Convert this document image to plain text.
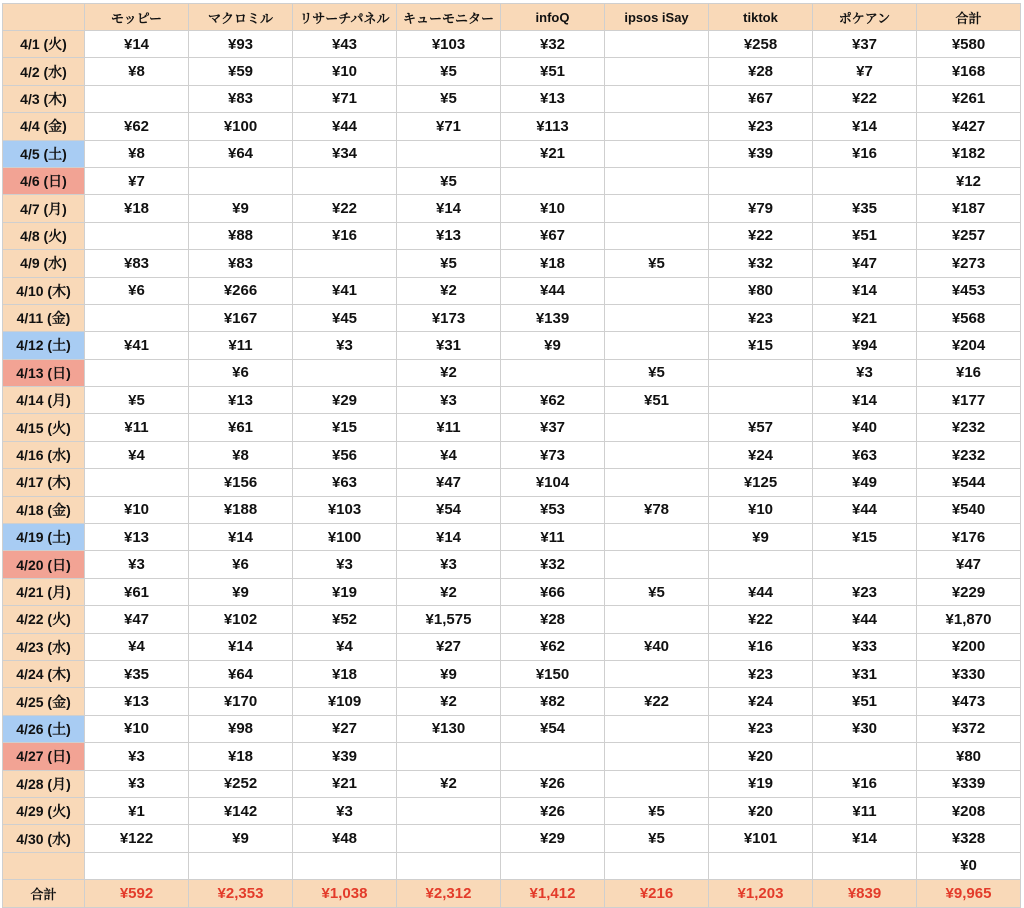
	モッピー	マクロミル	リサーチパネル	キューモニター	infoQ	ipsos iSay	tiktok	ポケアン	合計
4/1 (火)	¥14	¥93	¥43	¥103	¥32		¥258	¥37	¥580
4/2 (水)	¥8	¥59	¥10	¥5	¥51		¥28	¥7	¥168
4/3 (木)		¥83	¥71	¥5	¥13		¥67	¥22	¥261
4/4 (金)	¥62	¥100	¥44	¥71	¥113		¥23	¥14	¥427
4/5 (土)	¥8	¥64	¥34		¥21		¥39	¥16	¥182
4/6 (日)	¥7			¥5					¥12
4/7 (月)	¥18	¥9	¥22	¥14	¥10		¥79	¥35	¥187
4/8 (火)		¥88	¥16	¥13	¥67		¥22	¥51	¥257
4/9 (水)	¥83	¥83		¥5	¥18	¥5	¥32	¥47	¥273
4/10 (木)	¥6	¥266	¥41	¥2	¥44		¥80	¥14	¥453
4/11 (金)		¥167	¥45	¥173	¥139		¥23	¥21	¥568
4/12 (土)	¥41	¥11	¥3	¥31	¥9		¥15	¥94	¥204
4/13 (日)		¥6		¥2		¥5		¥3	¥16
4/14 (月)	¥5	¥13	¥29	¥3	¥62	¥51		¥14	¥177
4/15 (火)	¥11	¥61	¥15	¥11	¥37		¥57	¥40	¥232
4/16 (水)	¥4	¥8	¥56	¥4	¥73		¥24	¥63	¥232
4/17 (木)		¥156	¥63	¥47	¥104		¥125	¥49	¥544
4/18 (金)	¥10	¥188	¥103	¥54	¥53	¥78	¥10	¥44	¥540
4/19 (土)	¥13	¥14	¥100	¥14	¥11		¥9	¥15	¥176
4/20 (日)	¥3	¥6	¥3	¥3	¥32				¥47
4/21 (月)	¥61	¥9	¥19	¥2	¥66	¥5	¥44	¥23	¥229
4/22 (火)	¥47	¥102	¥52	¥1,575	¥28		¥22	¥44	¥1,870
4/23 (水)	¥4	¥14	¥4	¥27	¥62	¥40	¥16	¥33	¥200
4/24 (木)	¥35	¥64	¥18	¥9	¥150		¥23	¥31	¥330
4/25 (金)	¥13	¥170	¥109	¥2	¥82	¥22	¥24	¥51	¥473
4/26 (土)	¥10	¥98	¥27	¥130	¥54		¥23	¥30	¥372
4/27 (日)	¥3	¥18	¥39				¥20		¥80
4/28 (月)	¥3	¥252	¥21	¥2	¥26		¥19	¥16	¥339
4/29 (火)	¥1	¥142	¥3		¥26	¥5	¥20	¥11	¥208
4/30 (水)	¥122	¥9	¥48		¥29	¥5	¥101	¥14	¥328
									¥0
合計	¥592	¥2,353	¥1,038	¥2,312	¥1,412	¥216	¥1,203	¥839	¥9,965
